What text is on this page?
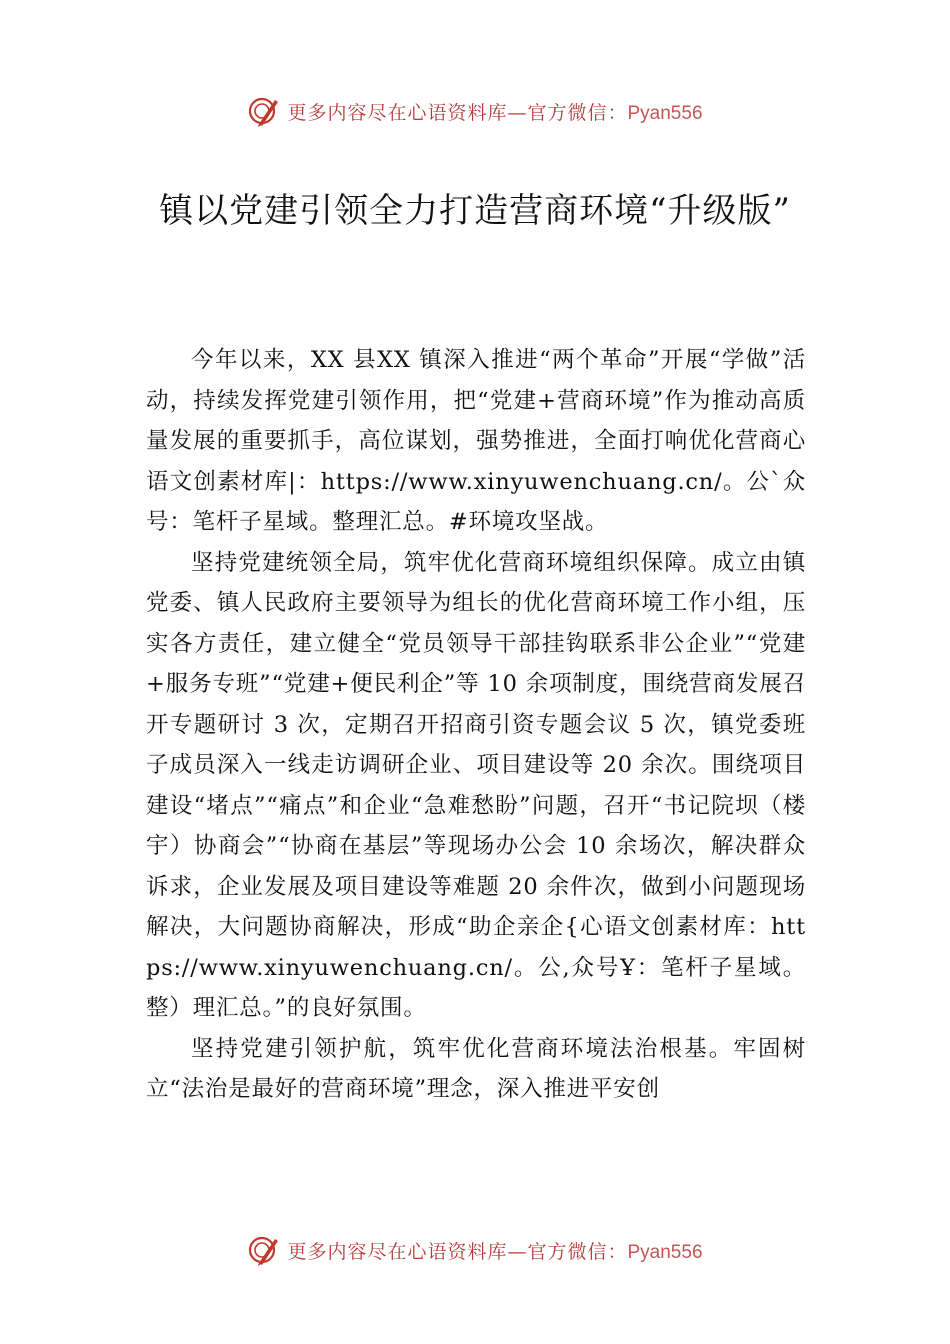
更多内容尽在心语资料库—官方微信：Pyan556
镇以党建引领全力打造营商环境“升级版”

今年以来，XX 县XX 镇深入推进“两个革命”开展“学做”活动，持续发挥党建引领作用，把“党建+营商环境”作为推动高质量发展的重要抓手，高位谋划，强势推进，全面打响优化营商心语文创素材库|：https://www.xinyuwenchuang.cn/。公`众号：笔杆子星域。整理汇总。#环境攻坚战。

坚持党建统领全局，筑牢优化营商环境组织保障。成立由镇党委、镇人民政府主要领导为组长的优化营商环境工作小组，压实各方责任，建立健全“党员领导干部挂钩联系非公企业”“党建+服务专班”“党建+便民利企”等 10 余项制度，围绕营商发展召开专题研讨 3 次，定期召开招商引资专题会议 5 次，镇党委班子成员深入一线走访调研企业、项目建设等 20 余次。围绕项目建设“堵点”“痛点”和企业“急难愁盼”问题，召开“书记院坝（楼宇）协商会”“协商在基层”等现场办公会 10 余场次，解决群众诉求，企业发展及项目建设等难题 20 余件次，做到小问题现场解决，大问题协商解决，形成“助企亲企{心语文创素材库：https://www.xinyuwenchuang.cn/。公,众号Ұ：笔杆子星域。整）理汇总。”的良好氛围。

坚持党建引领护航，筑牢优化营商环境法治根基。牢固树立“法治是最好的营商环境”理念，深入推进平安创

更多内容尽在心语资料库—官方微信：Pyan556
